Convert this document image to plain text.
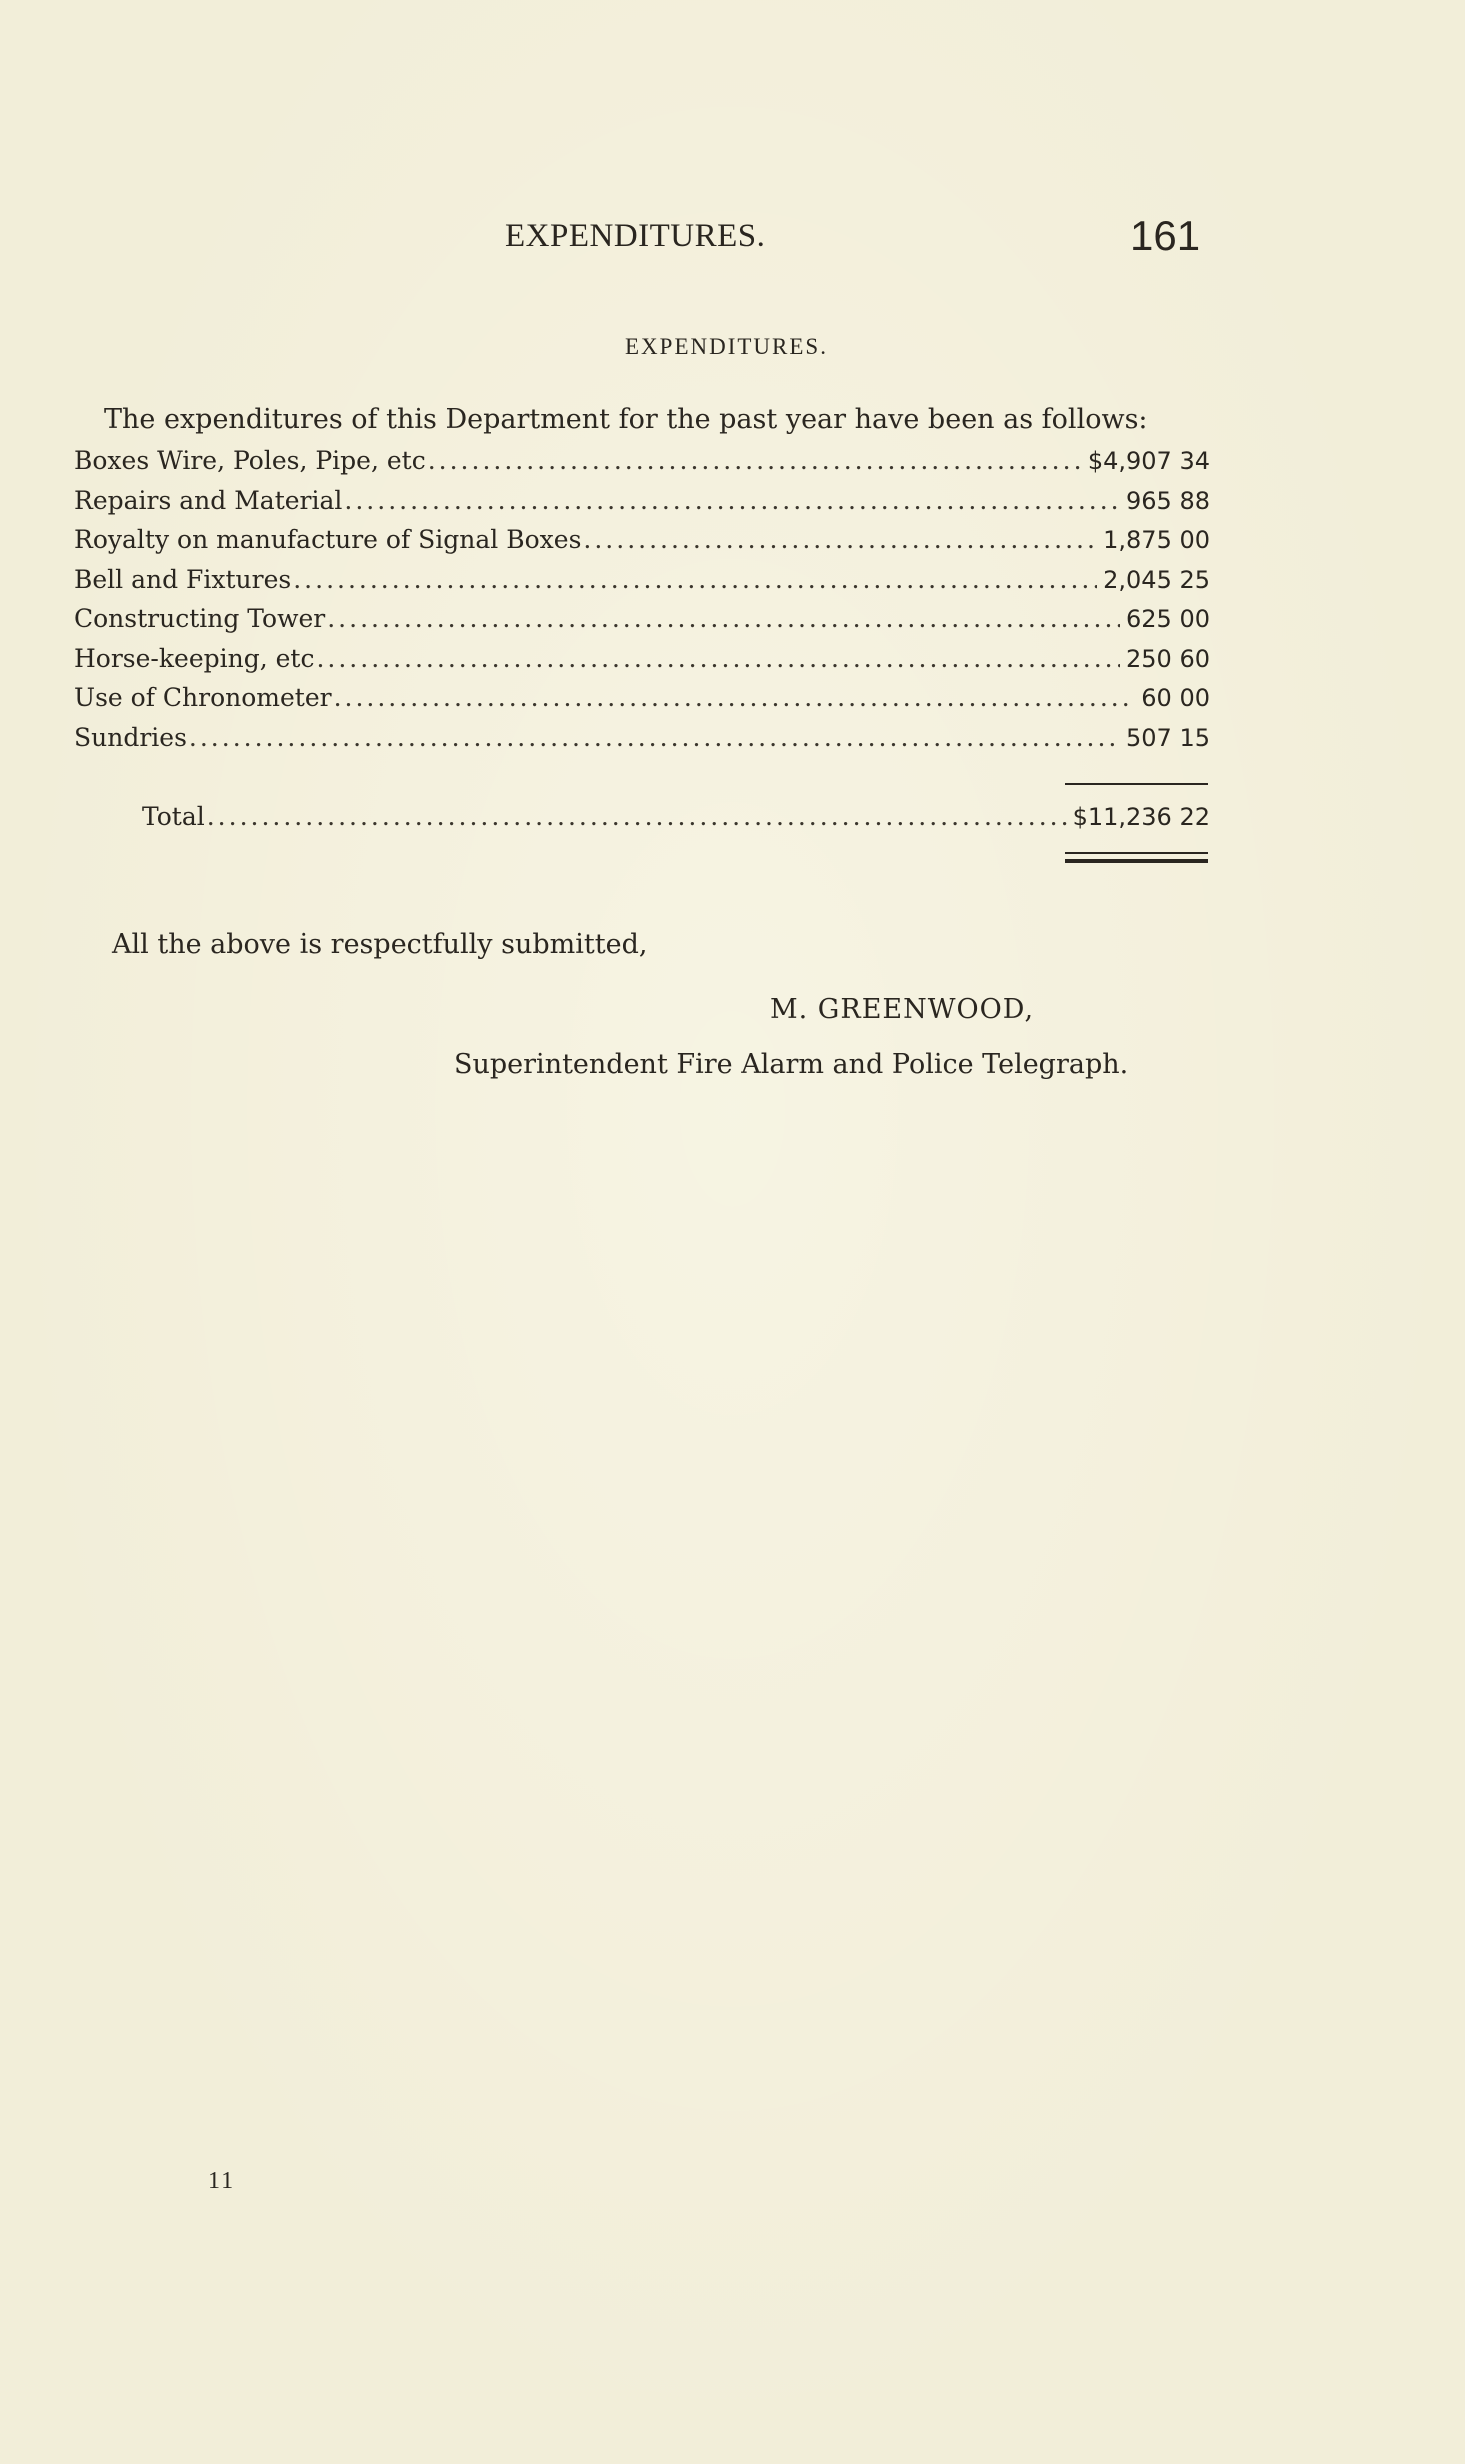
EXPENDITURES.	161
EXPENDITURES.
The expenditures of this Department for the past year have been as follows:
Boxes Wire, Poles, Pipe, etc .....	$4,907 34
Repairs and Material .....	965 88
Royalty on manufacture of Signal Boxes .....	1,875 00
Bell and Fixtures .....	2,045 25
Constructing Tower .....	625 00
Horse-keeping, etc .....	250 60
Use of Chronometer .....	60 00
Sundries .....	507 15
Total .....	$11,236 22
All the above is respectfully submitted,
M. GREENWOOD,
Superintendent Fire Alarm and Police Telegraph.
11
